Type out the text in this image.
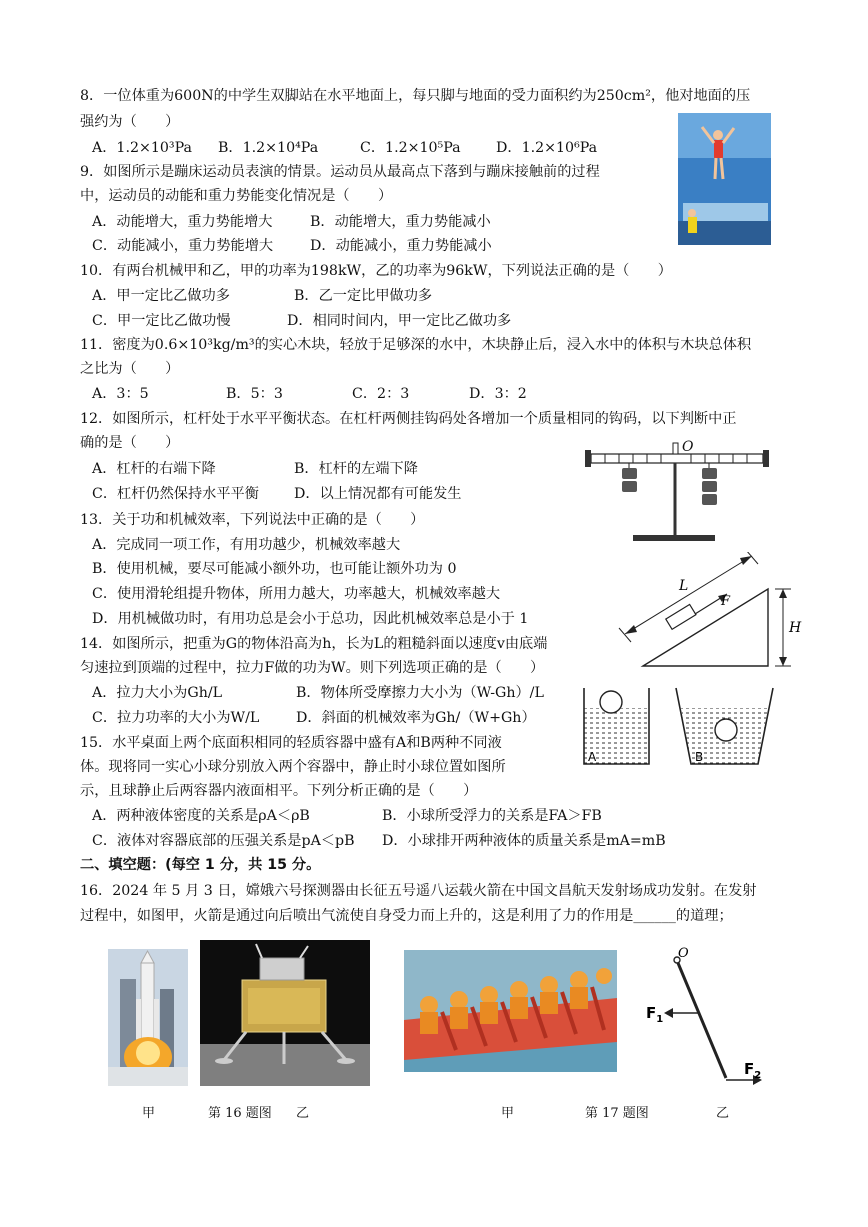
8．一位体重为600N的中学生双脚站在水平地面上，每只脚与地面的受力面积约为250cm²，他对地面的压
强约为（　　）
A．1.2×10³Pa B．1.2×10⁴Pa	C．1.2×10⁵Pa D．1.2×10⁶Pa
9．如图所示是蹦床运动员表演的情景。运动员从最高点下落到与蹦床接触前的过程
中，运动员的动能和重力势能变化情况是（　　）
A．动能增大，重力势能增大	B．动能增大，重力势能减小
C．动能减小，重力势能增大	D．动能减小，重力势能减小
10．有两台机械甲和乙，甲的功率为198kW，乙的功率为96kW，下列说法正确的是（　　）
A．甲一定比乙做功多	B．乙一定比甲做功多
C．甲一定比乙做功慢	D．相同时间内，甲一定比乙做功多
11．密度为0.6×10³kg/m³的实心木块，轻放于足够深的水中，木块静止后，浸入水中的体积与木块总体积
之比为（　　）
A．3：5	B．5：3	C．2：3	D．3：2
12．如图所示，杠杆处于水平平衡状态。在杠杆两侧挂钩码处各增加一个质量相同的钩码，以下判断中正
确的是（　　）
A．杠杆的右端下降	B．杠杆的左端下降
C．杠杆仍然保持水平平衡 D．以上情况都有可能发生
O
13．关于功和机械效率，下列说法中正确的是（　　）
A．完成同一项工作，有用功越少，机械效率越大
B．使用机械，要尽可能减小额外功，也可能让额外功为 0
C．使用滑轮组提升物体，所用力越大，功率越大，机械效率越大
D．用机械做功时，有用功总是会小于总功，因此机械效率总是小于 1
L
F
H
14．如图所示，把重为G的物体沿高为h，长为L的粗糙斜面以速度v由底端
匀速拉到顶端的过程中，拉力F做的功为W。则下列选项正确的是（　　）
A．拉力大小为Gh/L	B．物体所受摩擦力大小为（W-Gh）/L
C．拉力功率的大小为W/L	D．斜面的机械效率为Gh/（W+Gh）
A	B
15．水平桌面上两个底面积相同的轻质容器中盛有A和B两种不同液
体。现将同一实心小球分别放入两个容器中，静止时小球位置如图所
示，且球静止后两容器内液面相平。下列分析正确的是（　　）
A．两种液体密度的关系是ρA＜ρB	B．小球所受浮力的关系是FA＞FB
C．液体对容器底部的压强关系是pA＜pB D．小球排开两种液体的质量关系是mA=mB
二、填空题：(每空 1 分，共 15 分。
16．2024 年 5 月 3 日，嫦娥六号探测器由长征五号遥八运载火箭在中国文昌航天发射场成功发射。在发射
过程中，如图甲，火箭是通过向后喷出气流使自身受力而上升的，这是利用了力的作用是______的道理；
O
$F_1$
$F_2$
甲	第 16 题图 乙	甲	第 17 题图	乙
